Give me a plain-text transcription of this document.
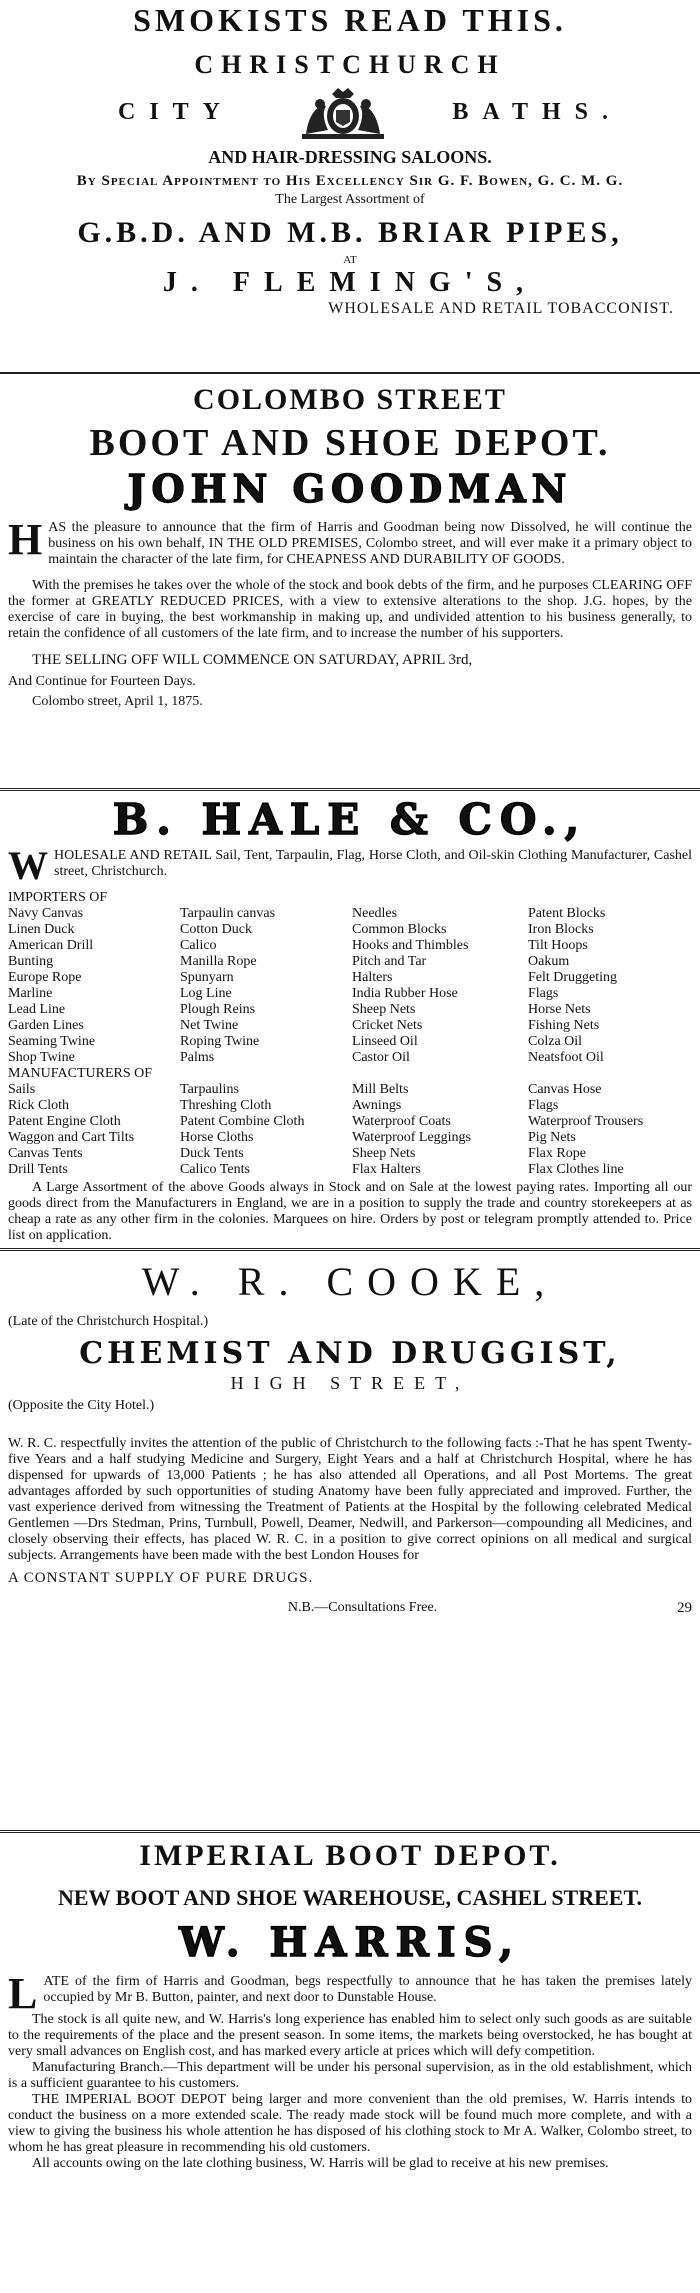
SMOKISTS READ THIS.
CHRISTCHURCH
CITY	BATHS.
AND HAIR-DRESSING SALOONS.
By Special Appointment to His Excellency Sir G. F. Bowen, G. C. M. G.
The Largest Assortment of
G.B.D. AND M.B. BRIAR PIPES,
AT
J. FLEMING'S,
WHOLESALE AND RETAIL TOBACCONIST.
COLOMBO STREET
BOOT AND SHOE DEPOT.
JOHN GOODMAN
H AS the pleasure to announce that the firm of Harris and Goodman being now Dissolved, he will continue the business on his own behalf, IN THE OLD PREMISES, Colombo street, and will ever make it a primary object to maintain the character of the late firm, for CHEAPNESS AND DURABILITY OF GOODS.
With the premises he takes over the whole of the stock and book debts of the firm, and he purposes CLEARING OFF the former at GREATLY REDUCED PRICES, with a view to extensive alterations to the shop. J.G. hopes, by the exercise of care in buying, the best workmanship in making up, and undivided attention to his business generally, to retain the confidence of all customers of the late firm, and to increase the number of his supporters.
THE SELLING OFF WILL COMMENCE ON SATURDAY, APRIL 3rd,
And Continue for Fourteen Days.
Colombo street, April 1, 1875.
B. HALE & CO.,
W HOLESALE AND RETAIL Sail, Tent, Tarpaulin, Flag, Horse Cloth, and Oil-skin Clothing Manufacturer, Cashel street, Christchurch.
IMPORTERS OF
Navy Canvas	Tarpaulin canvas	Needles	Patent Blocks
Linen Duck	Cotton Duck	Common Blocks	Iron Blocks
American Drill	Calico	Hooks and Thimbles	Tilt Hoops
Bunting	Manilla Rope	Pitch and Tar	Oakum
Europe Rope	Spunyarn	Halters	Felt Druggeting
Marline	Log Line	India Rubber Hose	Flags
Lead Line	Plough Reins	Sheep Nets	Horse Nets
Garden Lines	Net Twine	Cricket Nets	Fishing Nets
Seaming Twine	Roping Twine	Linseed Oil	Colza Oil
Shop Twine	Palms	Castor Oil	Neatsfoot Oil
MANUFACTURERS OF
Sails	Tarpaulins	Mill Belts	Canvas Hose
Rick Cloth	Threshing Cloth	Awnings	Flags
Patent Engine Cloth	Patent Combine Cloth	Waterproof Coats	Waterproof Trousers
Waggon and Cart Tilts	Horse Cloths	Waterproof Leggings	Pig Nets
Canvas Tents	Duck Tents	Sheep Nets	Flax Rope
Drill Tents	Calico Tents	Flax Halters	Flax Clothes line
A Large Assortment of the above Goods always in Stock and on Sale at the lowest paying rates. Importing all our goods direct from the Manufacturers in England, we are in a position to supply the trade and country storekeepers at as cheap a rate as any other firm in the colonies. Marquees on hire. Orders by post or telegram promptly attended to. Price list on application.
W. R. COOKE,
(Late of the Christchurch Hospital.)
CHEMIST AND DRUGGIST,
HIGH STREET,
(Opposite the City Hotel.)
W. R. C. respectfully invites the attention of the public of Christchurch to the following facts :-That he has spent Twenty-five Years and a half studying Medicine and Surgery, Eight Years and a half at Christchurch Hospital, where he has dispensed for upwards of 13,000 Patients ; he has also attended all Operations, and all Post Mortems. The great advantages afforded by such opportunities of studing Anatomy have been fully appreciated and improved. Further, the vast experience derived from witnessing the Treatment of Patients at the Hospital by the following celebrated Medical Gentlemen —Drs Stedman, Prins, Turnbull, Powell, Deamer, Nedwill, and Parkerson—compounding all Medicines, and closely observing their effects, has placed W. R. C. in a position to give correct opinions on all medical and surgical subjects. Arrangements have been made with the best London Houses for
A CONSTANT SUPPLY OF PURE DRUGS.
N.B.—Consultations Free.	29
IMPERIAL BOOT DEPOT.
NEW BOOT AND SHOE WAREHOUSE, CASHEL STREET.
W. HARRIS,
L ATE of the firm of Harris and Goodman, begs respectfully to announce that he has taken the premises lately occupied by Mr B. Button, painter, and next door to Dunstable House.
The stock is all quite new, and W. Harris's long experience has enabled him to select only such goods as are suitable to the requirements of the place and the present season. In some items, the markets being overstocked, he has bought at very small advances on English cost, and has marked every article at prices which will defy competition.
Manufacturing Branch.—This department will be under his personal supervision, as in the old establishment, which is a sufficient guarantee to his customers.
THE IMPERIAL BOOT DEPOT being larger and more convenient than the old premises, W. Harris intends to conduct the business on a more extended scale. The ready made stock will be found much more complete, and with a view to giving the business his whole attention he has disposed of his clothing stock to Mr A. Walker, Colombo street, to whom he has great pleasure in recommending his old customers.
All accounts owing on the late clothing business, W. Harris will be glad to receive at his new premises.
